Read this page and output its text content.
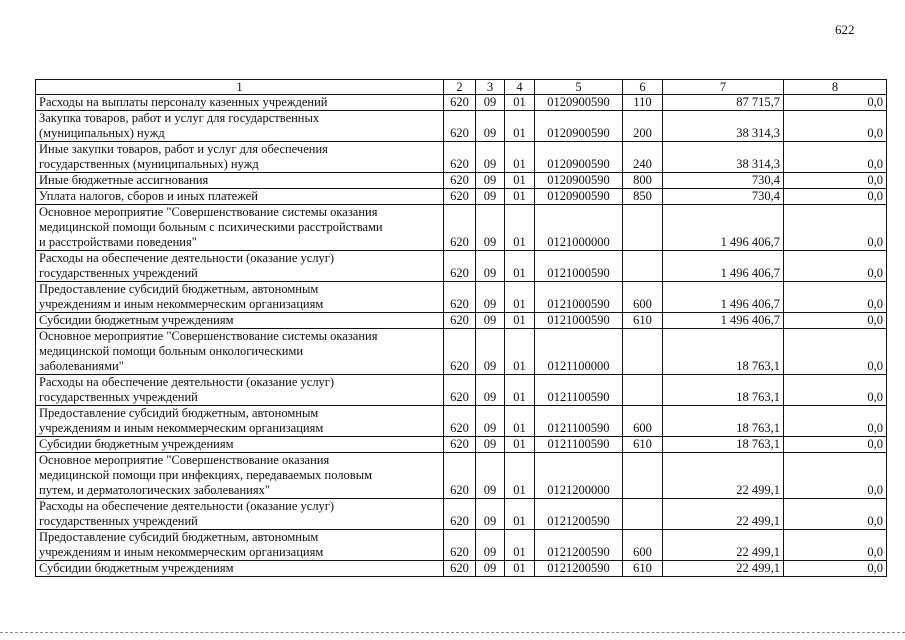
622
1	2	3	4	5	6	7	8

Расходы на выплаты персоналу казенных учреждений	620	09	01	0120900590	110	87 715,7	0,0

Закупка товаров, работ и услуг для государственных
(муниципальных) нужд	620	09	01	0120900590	200	38 314,3	0,0

Иные закупки товаров, работ и услуг для обеспечения
государственных (муниципальных) нужд	620	09	01	0120900590	240	38 314,3	0,0

Иные бюджетные ассигнования	620	09	01	0120900590	800	730,4	0,0

Уплата налогов, сборов и иных платежей	620	09	01	0120900590	850	730,4	0,0

Основное мероприятие "Совершенствование системы оказания
медицинской помощи больным с психическими расстройствами
и расстройствами поведения"	620	09	01	0121000000		1 496 406,7	0,0

Расходы на обеспечение деятельности (оказание услуг)
государственных учреждений	620	09	01	0121000590		1 496 406,7	0,0

Предоставление субсидий бюджетным, автономным
учреждениям и иным некоммерческим организациям	620	09	01	0121000590	600	1 496 406,7	0,0

Субсидии бюджетным учреждениям	620	09	01	0121000590	610	1 496 406,7	0,0

Основное мероприятие "Совершенствование системы оказания
медицинской помощи больным онкологическими
заболеваниями"	620	09	01	0121100000		18 763,1	0,0

Расходы на обеспечение деятельности (оказание услуг)
государственных учреждений	620	09	01	0121100590		18 763,1	0,0

Предоставление субсидий бюджетным, автономным
учреждениям и иным некоммерческим организациям	620	09	01	0121100590	600	18 763,1	0,0

Субсидии бюджетным учреждениям	620	09	01	0121100590	610	18 763,1	0,0

Основное мероприятие "Совершенствование оказания
медицинской помощи при инфекциях, передаваемых половым
путем, и дерматологических заболеваниях"	620	09	01	0121200000		22 499,1	0,0

Расходы на обеспечение деятельности (оказание услуг)
государственных учреждений	620	09	01	0121200590		22 499,1	0,0

Предоставление субсидий бюджетным, автономным
учреждениям и иным некоммерческим организациям	620	09	01	0121200590	600	22 499,1	0,0

Субсидии бюджетным учреждениям	620	09	01	0121200590	610	22 499,1	0,0
